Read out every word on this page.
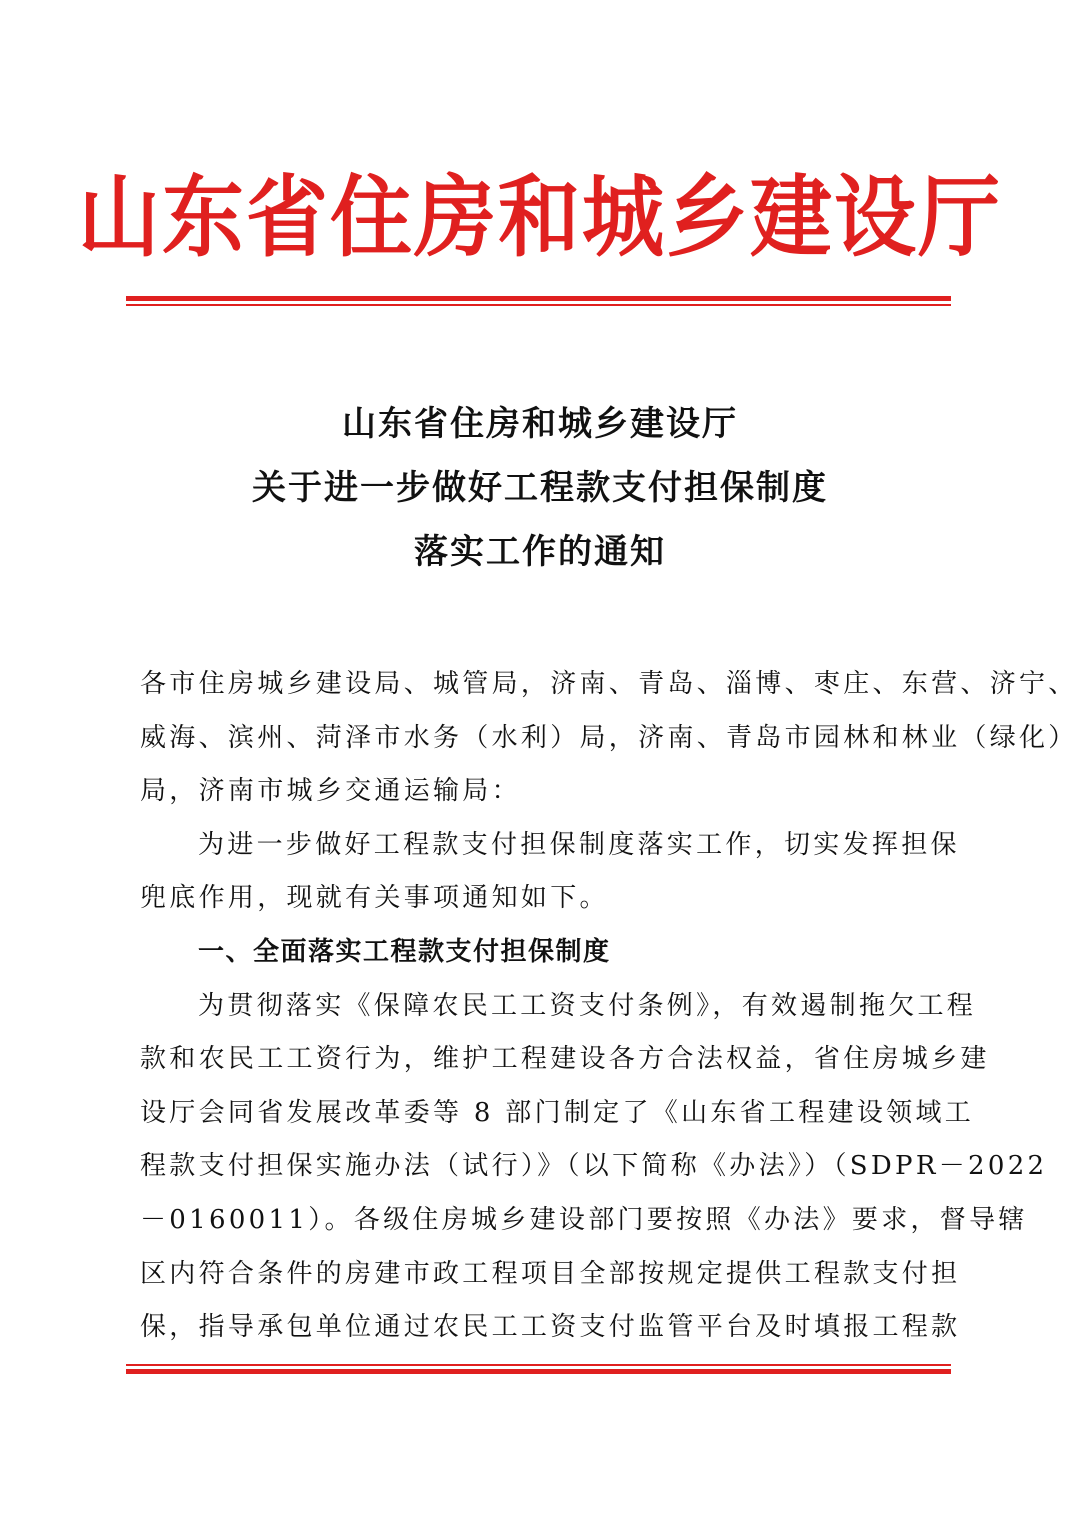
山东省住房和城乡建设厅
山东省住房和城乡建设厅
关于进一步做好工程款支付担保制度
落实工作的通知
各市住房城乡建设局、城管局，济南、青岛、淄博、枣庄、东营、济宁、
威海、滨州、菏泽市水务（水利）局，济南、青岛市园林和林业（绿化）
局，济南市城乡交通运输局：
为进一步做好工程款支付担保制度落实工作，切实发挥担保
兜底作用，现就有关事项通知如下。
一、全面落实工程款支付担保制度
为贯彻落实《保障农民工工资支付条例》，有效遏制拖欠工程
款和农民工工资行为，维护工程建设各方合法权益，省住房城乡建
设厅会同省发展改革委等 8 部门制定了《山东省工程建设领域工
程款支付担保实施办法（试行）》（以下简称《办法》）（SDPR－2022
－0160011）。各级住房城乡建设部门要按照《办法》要求，督导辖
区内符合条件的房建市政工程项目全部按规定提供工程款支付担
保，指导承包单位通过农民工工资支付监管平台及时填报工程款
